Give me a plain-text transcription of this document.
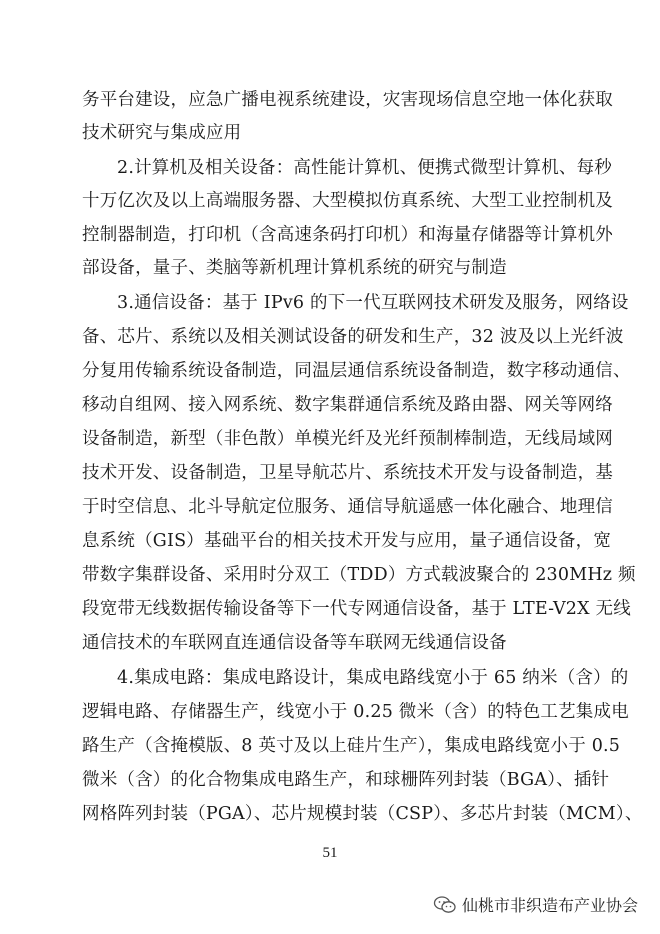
务平台建设，应急广播电视系统建设，灾害现场信息空地一体化获取
技术研究与集成应用
2.计算机及相关设备：高性能计算机、便携式微型计算机、每秒
十万亿次及以上高端服务器、大型模拟仿真系统、大型工业控制机及
控制器制造，打印机（含高速条码打印机）和海量存储器等计算机外
部设备，量子、类脑等新机理计算机系统的研究与制造
3.通信设备：基于 IPv6 的下一代互联网技术研发及服务，网络设
备、芯片、系统以及相关测试设备的研发和生产，32 波及以上光纤波
分复用传输系统设备制造，同温层通信系统设备制造，数字移动通信、
移动自组网、接入网系统、数字集群通信系统及路由器、网关等网络
设备制造，新型（非色散）单模光纤及光纤预制棒制造，无线局域网
技术开发、设备制造，卫星导航芯片、系统技术开发与设备制造，基
于时空信息、北斗导航定位服务、通信导航遥感一体化融合、地理信
息系统（GIS）基础平台的相关技术开发与应用，量子通信设备，宽
带数字集群设备、采用时分双工（TDD）方式载波聚合的 230MHz 频
段宽带无线数据传输设备等下一代专网通信设备，基于 LTE-V2X 无线
通信技术的车联网直连通信设备等车联网无线通信设备
4.集成电路：集成电路设计，集成电路线宽小于 65 纳米（含）的
逻辑电路、存储器生产，线宽小于 0.25 微米（含）的特色工艺集成电
路生产（含掩模版、8 英寸及以上硅片生产），集成电路线宽小于 0.5
微米（含）的化合物集成电路生产，和球栅阵列封装（BGA）、插针
网格阵列封装（PGA）、芯片规模封装（CSP）、多芯片封装（MCM）、
51
仙桃市非织造布产业协会
